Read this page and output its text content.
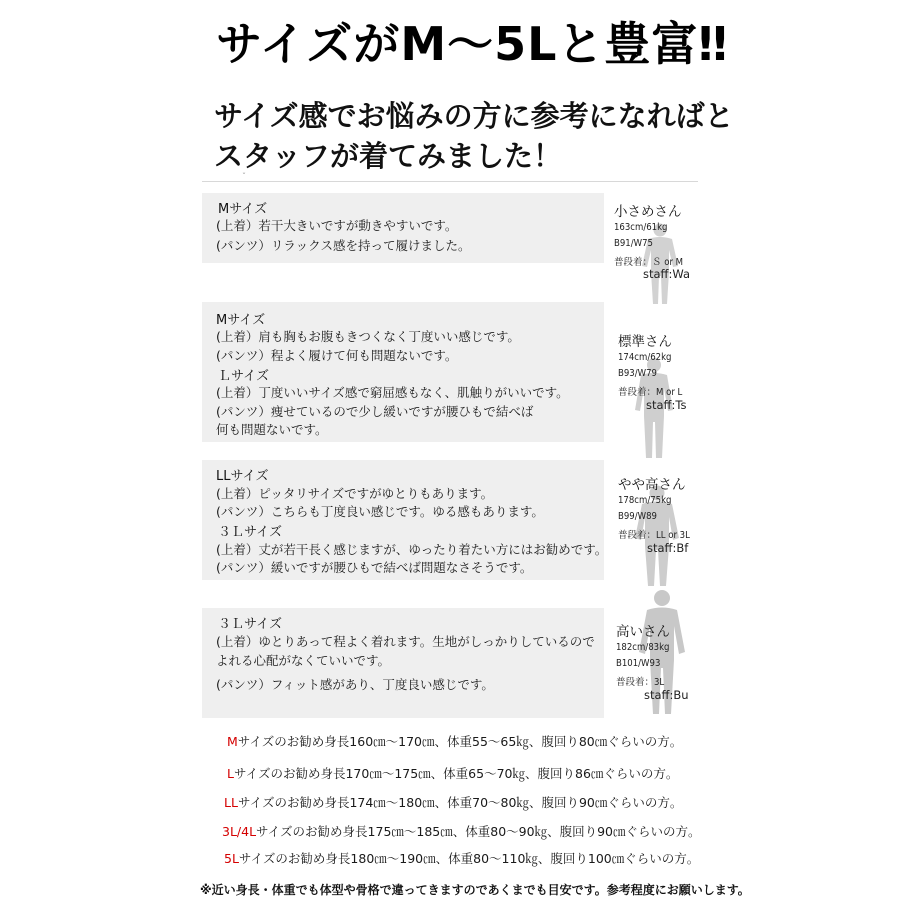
サイズがM～5Lと豊富‼
サイズ感でお悩みの方に参考になればと
スタッフが着てみました！
ˇ
Mサイズ
(上着）若干大きいですが動きやすいです。
(パンツ）リラックス感を持って履けました。
Mサイズ
(上着）肩も胸もお腹もきつくなく丁度いい感じです。
(パンツ）程よく履けて何も問題ないです。
Ｌサイズ
(上着）丁度いいサイズ感で窮屈感もなく、肌触りがいいです。
(パンツ）痩せているので少し緩いですが腰ひもで結べば
何も問題ないです。
LLサイズ
(上着）ピッタリサイズですがゆとりもあります。
(パンツ）こちらも丁度良い感じです。ゆる感もあります。
３Ｌサイズ
(上着）丈が若干長く感じますが、ゆったり着たい方にはお勧めです。
(パンツ）緩いですが腰ひもで結べば問題なさそうです。
３Ｌサイズ
(上着）ゆとりあって程よく着れます。生地がしっかりしているので
よれる心配がなくていいです。
(パンツ）フィット感があり、丁度良い感じです。
小さめさん
163cm/61kg
B91/W75
普段着：Ｓ or M
staff:Wa
標準さん
174cm/62kg
B93/W79
普段着：M or L
staff:Ts
やや高さん
178cm/75kg
B99/W89
普段着：LL or 3L
staff:Bf
高いさん
182cm/83kg
B101/W93
普段着：3L
staff:Bu
Mサイズのお勧め身長160㎝～170㎝、体重55～65㎏、腹回り80㎝ぐらいの方。
Lサイズのお勧め身長170㎝～175㎝、体重65～70㎏、腹回り86㎝ぐらいの方。
LLサイズのお勧め身長174㎝～180㎝、体重70～80㎏、腹回り90㎝ぐらいの方。
3L/4Lサイズのお勧め身長175㎝～185㎝、体重80～90㎏、腹回り90㎝ぐらいの方。
5Lサイズのお勧め身長180㎝～190㎝、体重80～110㎏、腹回り100㎝ぐらいの方。
※近い身長・体重でも体型や骨格で違ってきますのであくまでも目安です。参考程度にお願いします。
